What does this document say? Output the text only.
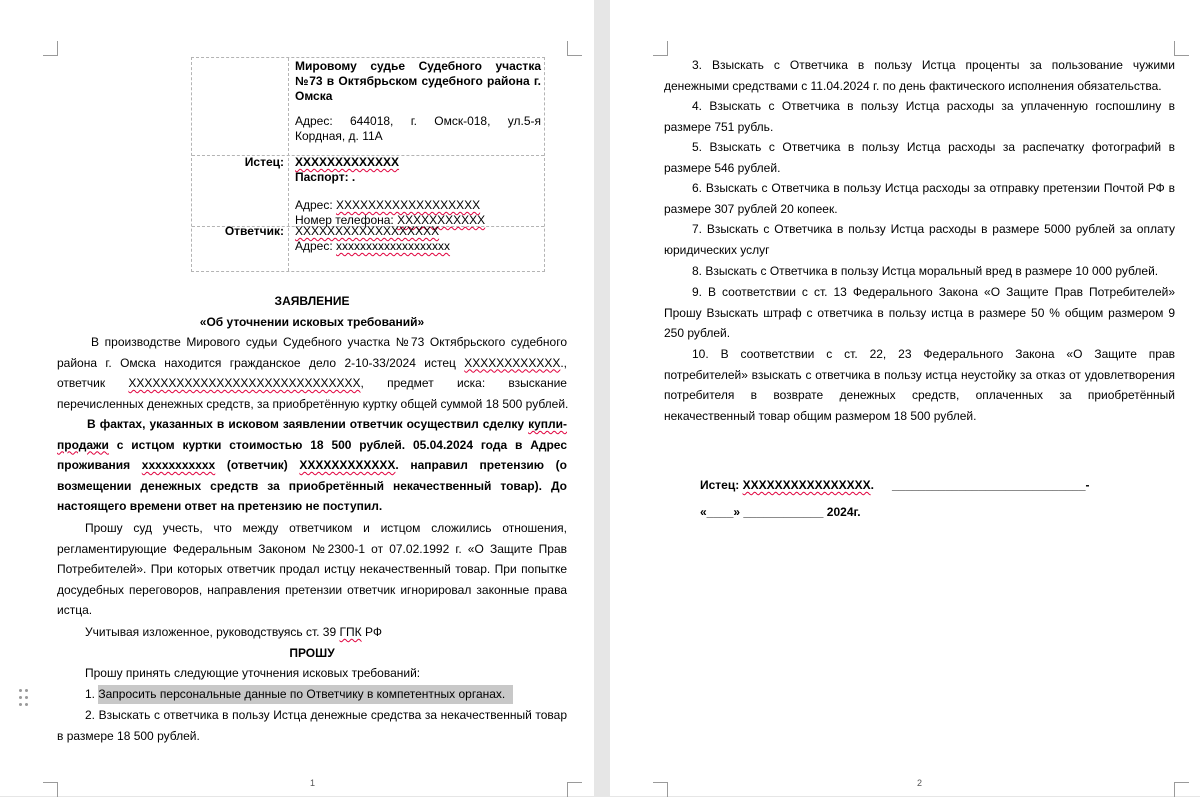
Мировому судье Судебного участка
№73 в Октябрьском судебного района г.
Омска
Адрес: 644018, г. Омск-018, ул.5-я
Кордная, д. 11А
Истец: XXXXXXXXXXXXX
Паспорт: .
Адрес: XXXXXXXXXXXXXXXXXX
Номер телефона: XXXXXXXXXXX
Ответчик: XXXXXXXXXXXXXXXXXX
Адрес: xxxxxxxxxxxxxxxxxxx
ЗАЯВЛЕНИЕ
«Об уточнении исковых требований»
В производстве Мирового судьи Судебного участка №73 Октябрьского судебного
района г. Омска находится гражданское дело 2-10-33/2024 истец XXXXXXXXXXXX.,
ответчик XXXXXXXXXXXXXXXXXXXXXXXXXXXXX, предмет иска: взыскание
перечисленных денежных средств, за приобретённую куртку общей суммой 18 500 рублей.
В фактах, указанных в исковом заявлении ответчик осуществил сделку купли-
продажи с истцом куртки стоимостью 18 500 рублей. 05.04.2024 года в Адрес
проживания xxxxxxxxxxx (ответчик) XXXXXXXXXXXX. направил претензию (о
возмещении денежных средств за приобретённый некачественный товар). До
настоящего времени ответ на претензию не поступил.
Прошу суд учесть, что между ответчиком и истцом сложились отношения,
регламентирующие Федеральным Законом №2300-1 от 07.02.1992 г. «О Защите Прав
Потребителей». При которых ответчик продал истцу некачественный товар. При попытке
досудебных переговоров, направления претензии ответчик игнорировал законные права
истца.
Учитывая изложенное, руководствуясь ст. 39 ГПК РФ
ПРОШУ
Прошу принять следующие уточнения исковых требований:
1. Запросить персональные данные по Ответчику в компетентных органах.
2. Взыскать с ответчика в пользу Истца денежные средства за некачественный товар
в размере 18 500 рублей.
1	2
3. Взыскать с Ответчика в пользу Истца проценты за пользование чужими
денежными средствами с 11.04.2024 г. по день фактического исполнения обязательства.
4. Взыскать с Ответчика в пользу Истца расходы за уплаченную госпошлину в
размере 751 рубль.
5. Взыскать с Ответчика в пользу Истца расходы за распечатку фотографий в
размере 546 рублей.
6. Взыскать с Ответчика в пользу Истца расходы за отправку претензии Почтой РФ в
размере 307 рублей 20 копеек.
7. Взыскать с Ответчика в пользу Истца расходы в размере 5000 рублей за оплату
юридических услуг
8. Взыскать с Ответчика в пользу Истца моральный вред в размере 10 000 рублей.
9. В соответствии с ст. 13 Федерального Закона «О Защите Прав Потребителей»
Прошу Взыскать штраф с ответчика в пользу истца в размере 50 % общим размером 9
250 рублей.
10. В соответствии с ст. 22, 23 Федерального Закона «О Защите прав
потребителей» взыскать с ответчика в пользу истца неустойку за отказ от удовлетворения
потребителя в возврате денежных средств, оплаченных за приобретённый
некачественный товар общим размером 18 500 рублей.
Истец: XXXXXXXXXXXXXXXX. _____________________________-
«____» ____________ 2024г.
